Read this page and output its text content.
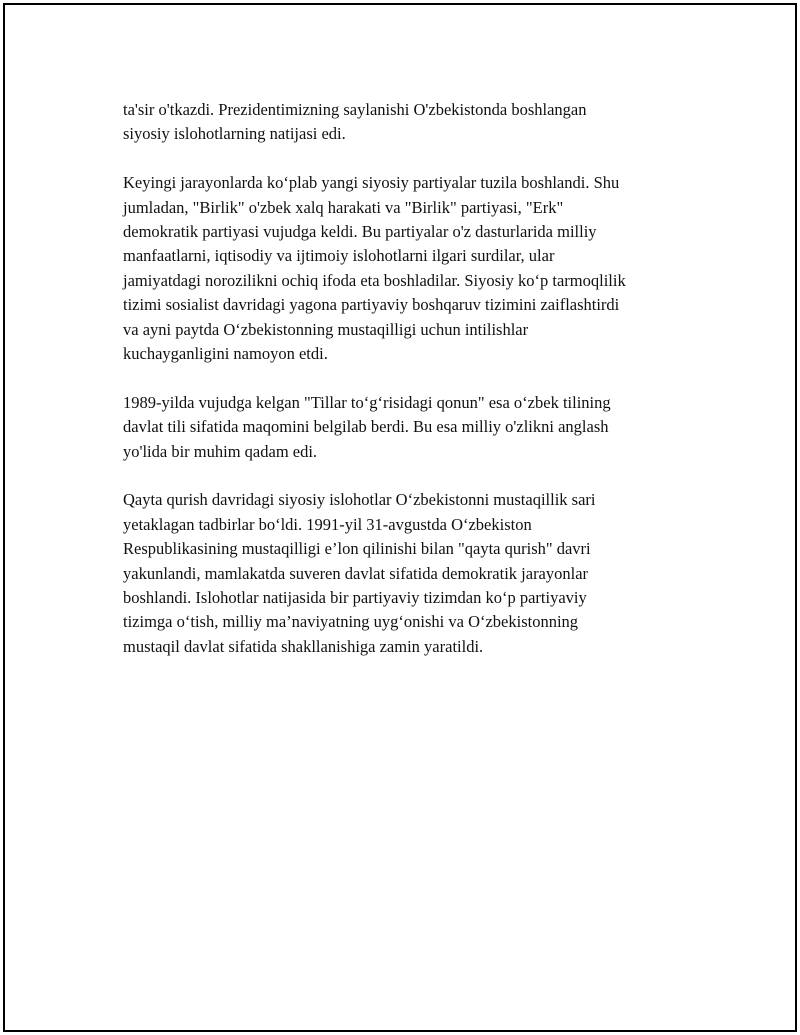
ta'sir o'tkazdi. Prezidentimizning saylanishi O'zbekistonda boshlangan
siyosiy islohotlarning natijasi edi.

Keyingi jarayonlarda koʻplab yangi siyosiy partiyalar tuzila boshlandi. Shu
jumladan, "Birlik" o'zbek xalq harakati va "Birlik" partiyasi, "Erk"
demokratik partiyasi vujudga keldi. Bu partiyalar o'z dasturlarida milliy
manfaatlarni, iqtisodiy va ijtimoiy islohotlarni ilgari surdilar, ular
jamiyatdagi norozilikni ochiq ifoda eta boshladilar. Siyosiy koʻp tarmoqlilik
tizimi sosialist davridagi yagona partiyaviy boshqaruv tizimini zaiflashtirdi
va ayni paytda Oʻzbekistonning mustaqilligi uchun intilishlar
kuchayganligini namoyon etdi.

1989-yilda vujudga kelgan "Tillar toʻgʻrisidagi qonun" esa oʻzbek tilining
davlat tili sifatida maqomini belgilab berdi. Bu esa milliy o'zlikni anglash
yo'lida bir muhim qadam edi.

Qayta qurish davridagi siyosiy islohotlar Oʻzbekistonni mustaqillik sari
yetaklagan tadbirlar boʻldi. 1991-yil 31-avgustda Oʻzbekiston
Respublikasining mustaqilligi e’lon qilinishi bilan "qayta qurish" davri
yakunlandi, mamlakatda suveren davlat sifatida demokratik jarayonlar
boshlandi. Islohotlar natijasida bir partiyaviy tizimdan koʻp partiyaviy
tizimga oʻtish, milliy ma’naviyatning uygʻonishi va Oʻzbekistonning
mustaqil davlat sifatida shakllanishiga zamin yaratildi.
